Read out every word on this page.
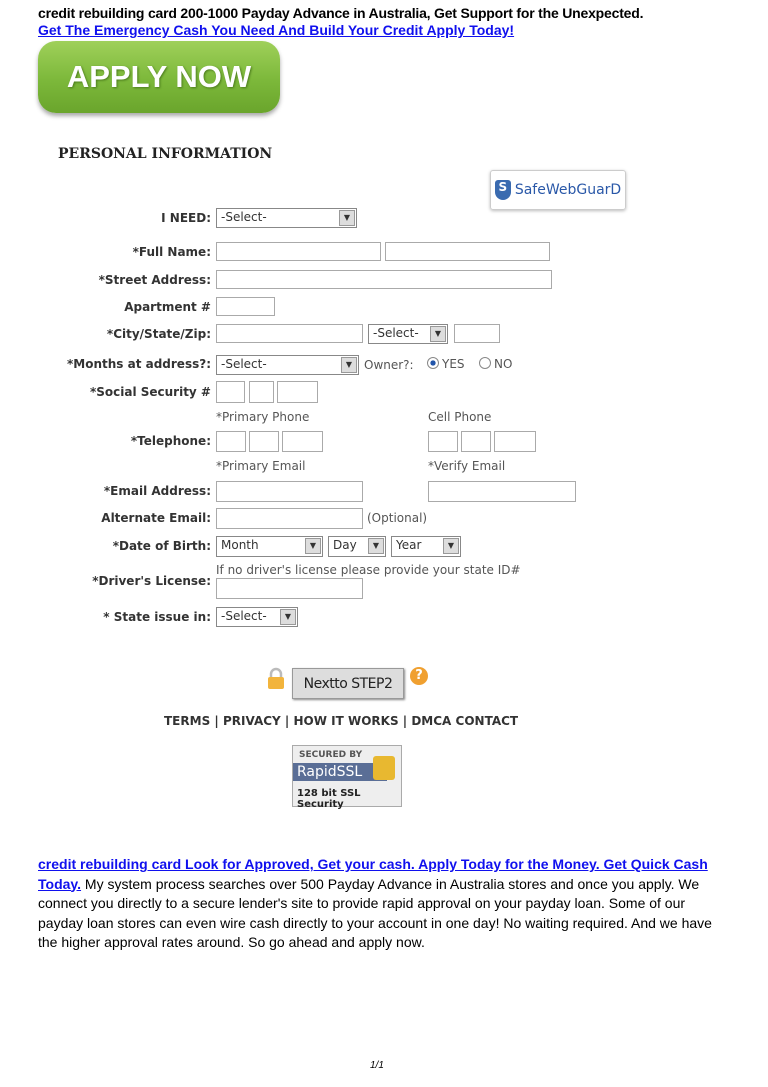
credit rebuilding card 200-1000 Payday Advance in Australia, Get Support for the Unexpected.
Get The Emergency Cash You Need And Build Your Credit Apply Today!
APPLY NOW
PERSONAL INFORMATION
S SafeWebGuarD
I NEED: -Select-	▼
*Full Name:
*Street Address:
Apartment #
*City/State/Zip:	-Select-	▼
*Months at address?: -Select-	▼ Owner?:	YES	NO
*Social Security #
*Primary Phone	Cell Phone
*Telephone:
*Primary Email	*Verify Email
*Email Address:
Alternate Email:	(Optional)
*Date of Birth: Month	▼	Day	▼	Year	▼
If no driver's license please provide your state ID#
*Driver's License:
* State issue in: -Select-	▼
Nextto STEP2	?
TERMS | PRIVACY | HOW IT WORKS | DMCA CONTACT
SECURED BY
RapidSSL
128 bit SSL Security
credit rebuilding card Look for Approved, Get your cash. Apply Today for the Money. Get Quick Cash Today. My system process searches over 500 Payday Advance in Australia stores and once you apply. We connect you directly to a secure lender's site to provide rapid approval on your payday loan. Some of our payday loan stores can even wire cash directly to your account in one day! No waiting required. And we have the higher approval rates around. So go ahead and apply now.
1/1
